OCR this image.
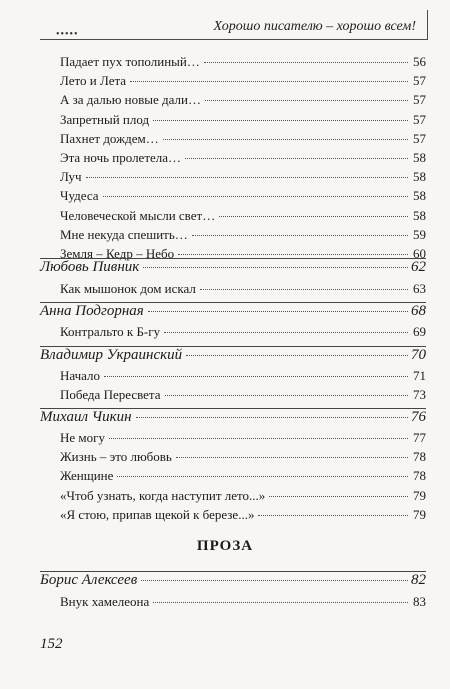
•••••
Хорошо писателю – хорошо всем!
Падает пух тополиный…	56
Лето и Лета	57
А за далью новые дали…	57
Запретный плод	57
Пахнет дождем…	57
Эта ночь пролетела…	58
Луч	58
Чудеса	58
Человеческой мысли свет…	58
Мне некуда спешить…	59
Земля – Кедр – Небо	60
Любовь Пивник	62
Как мышонок дом искал	63
Анна Подгорная	68
Контральто к Б-гу	69
Владимир Украинский	70
Начало	71
Победа Пересвета	73
Михаил Чикин	76
Не могу	77
Жизнь – это любовь	78
Женщине	78
«Чтоб узнать, когда наступит лето...»	79
«Я стою, припав щекой к березе...»	79
ПРОЗА
Борис Алексеев	82
Внук хамелеона	83
152
